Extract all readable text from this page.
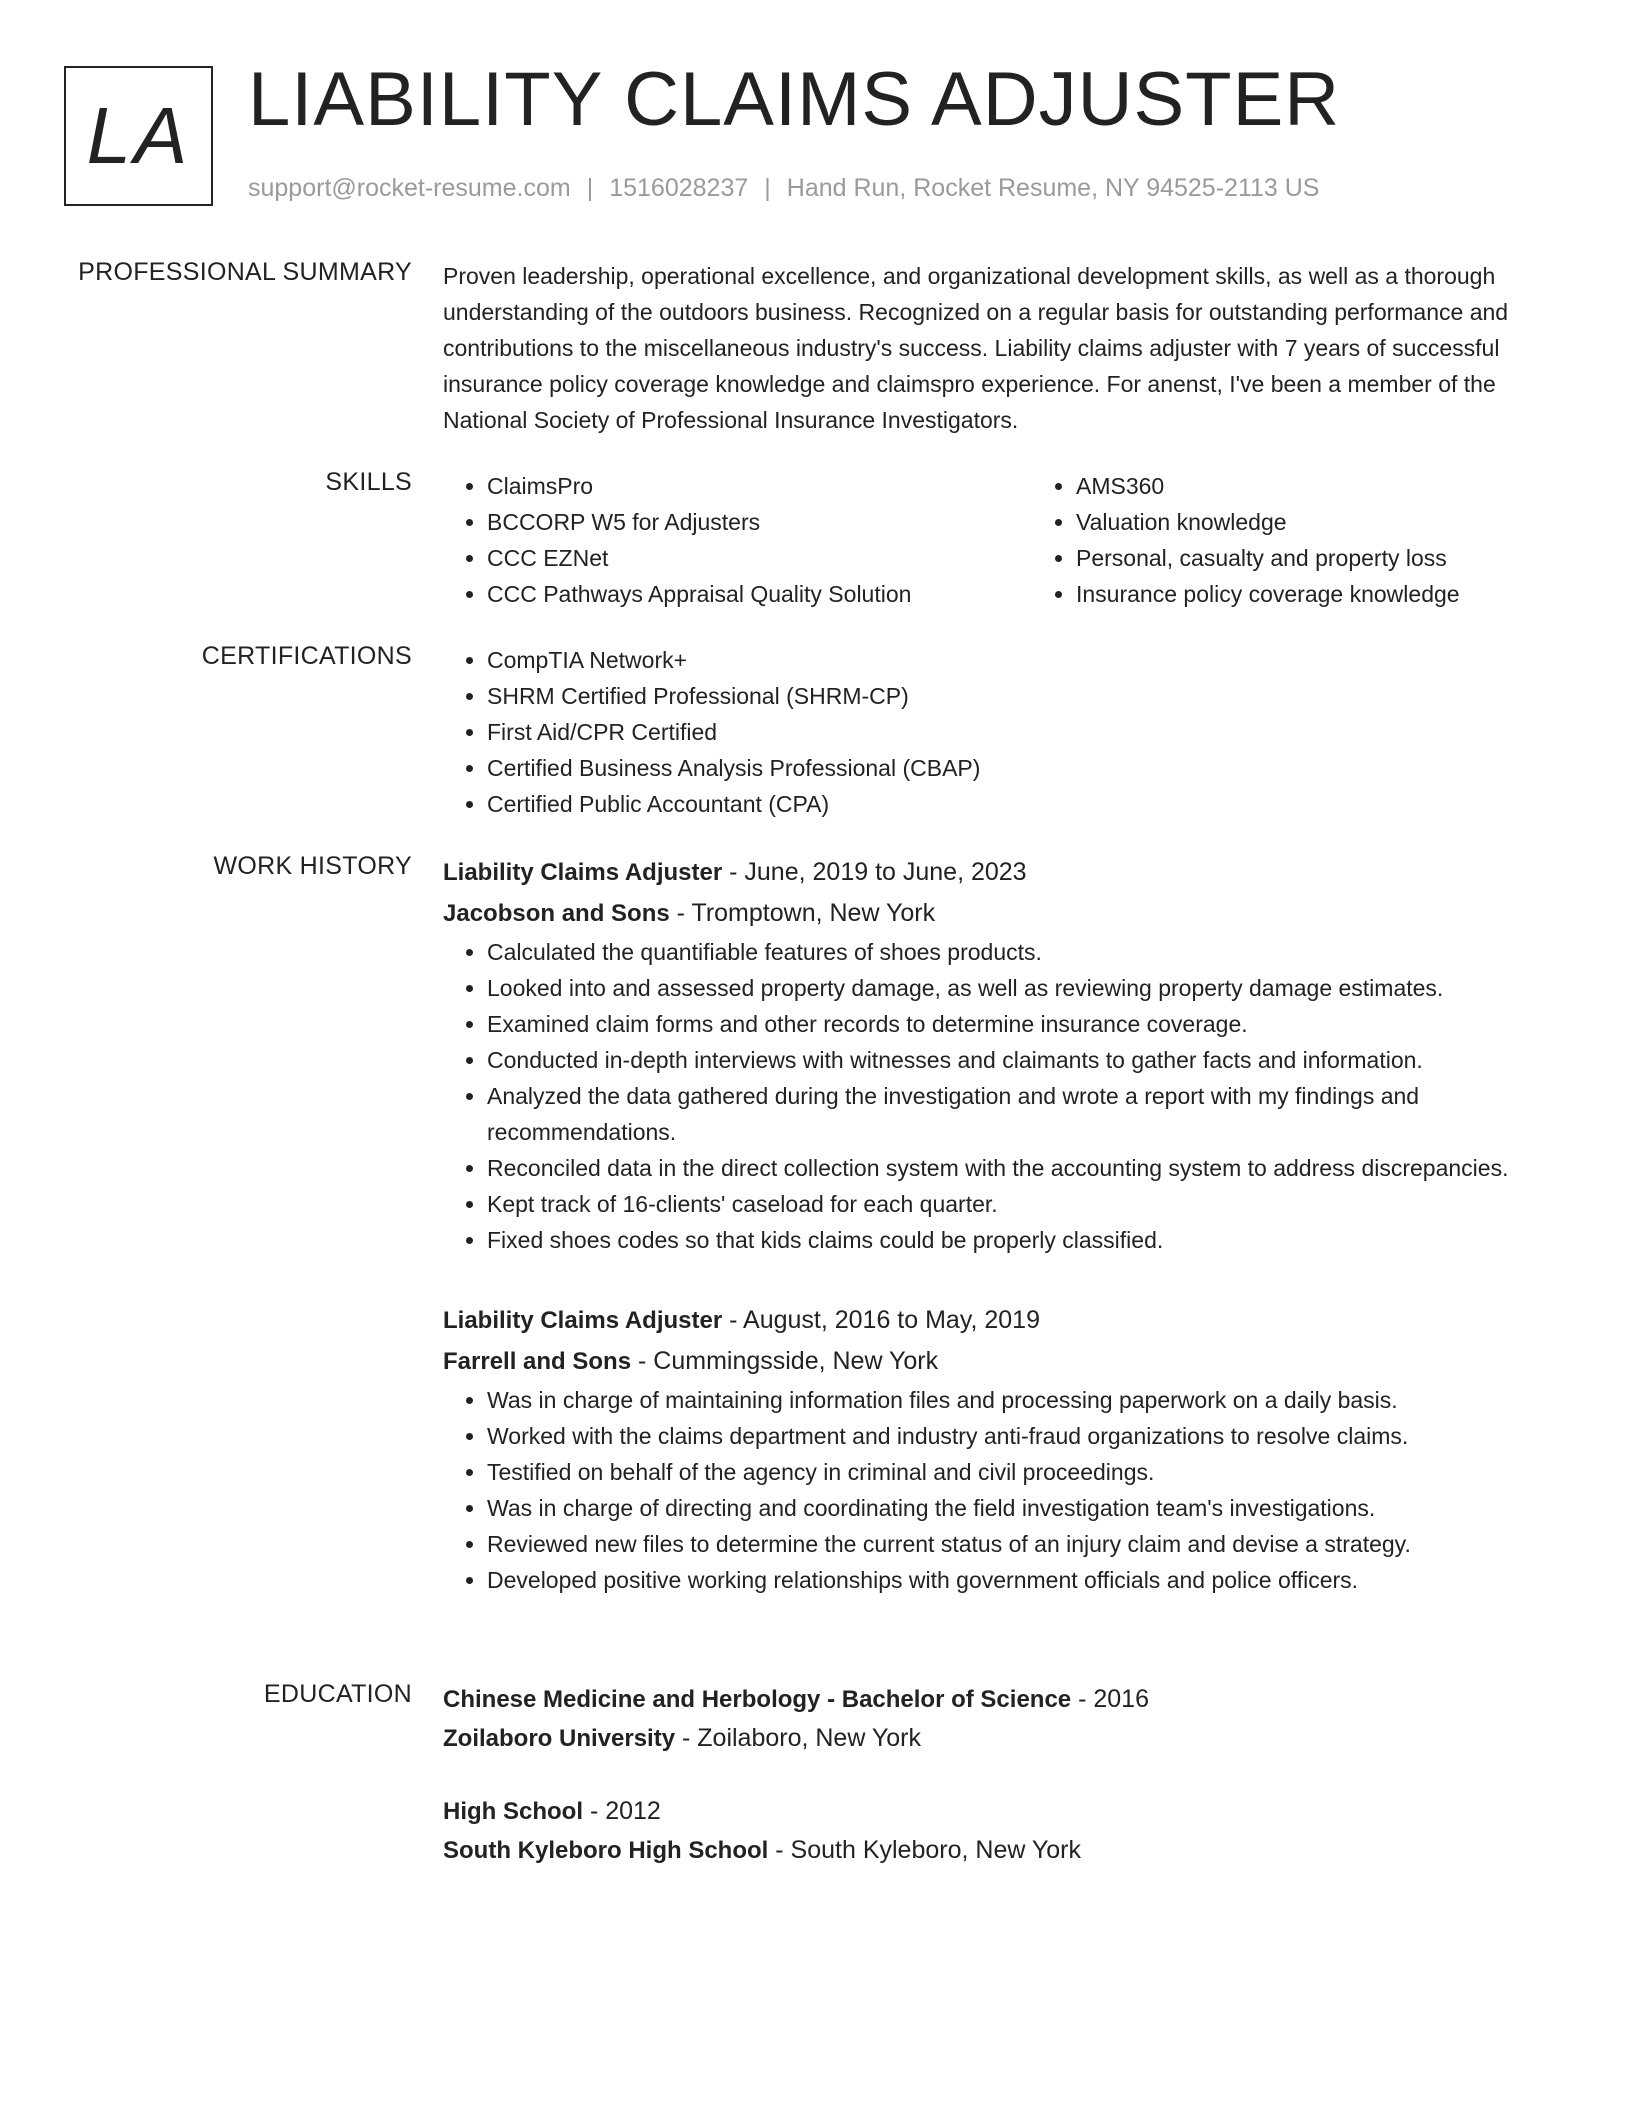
LA LIABILITY CLAIMS ADJUSTER
support@rocket-resume.com | 1516028237 | Hand Run, Rocket Resume, NY 94525-2113 US
PROFESSIONAL SUMMARY Proven leadership, operational excellence, and organizational development skills, as well as a thorough understanding of the outdoors business. Recognized on a regular basis for outstanding performance and contributions to the miscellaneous industry's success. Liability claims adjuster with 7 years of successful insurance policy coverage knowledge and claimspro experience. For anenst, I've been a member of the National Society of Professional Insurance Investigators.

SKILLS	• ClaimsPro
• BCCORP W5 for Adjusters
• CCC EZNet
• CCC Pathways Appraisal Quality Solution
• AMS360
• Valuation knowledge
• Personal, casualty and property loss
• Insurance policy coverage knowledge
CERTIFICATIONS	• CompTIA Network+
• SHRM Certified Professional (SHRM-CP)
• First Aid/CPR Certified
• Certified Business Analysis Professional (CBAP)
• Certified Public Accountant (CPA)
WORK HISTORY Liability Claims Adjuster - June, 2019 to June, 2023
Jacobson and Sons - Tromptown, New York
• Calculated the quantifiable features of shoes products.
• Looked into and assessed property damage, as well as reviewing property damage estimates.
• Examined claim forms and other records to determine insurance coverage.
• Conducted in-depth interviews with witnesses and claimants to gather facts and information.
• Analyzed the data gathered during the investigation and wrote a report with my findings and recommendations.
• Reconciled data in the direct collection system with the accounting system to address discrepancies.
• Kept track of 16-clients' caseload for each quarter.
• Fixed shoes codes so that kids claims could be properly classified.
Liability Claims Adjuster - August, 2016 to May, 2019
Farrell and Sons - Cummingsside, New York
• Was in charge of maintaining information files and processing paperwork on a daily basis.
• Worked with the claims department and industry anti-fraud organizations to resolve claims.
• Testified on behalf of the agency in criminal and civil proceedings.
• Was in charge of directing and coordinating the field investigation team's investigations.
• Reviewed new files to determine the current status of an injury claim and devise a strategy.
• Developed positive working relationships with government officials and police officers.
EDUCATION Chinese Medicine and Herbology - Bachelor of Science - 2016
Zoilaboro University - Zoilaboro, New York
High School - 2012
South Kyleboro High School - South Kyleboro, New York
